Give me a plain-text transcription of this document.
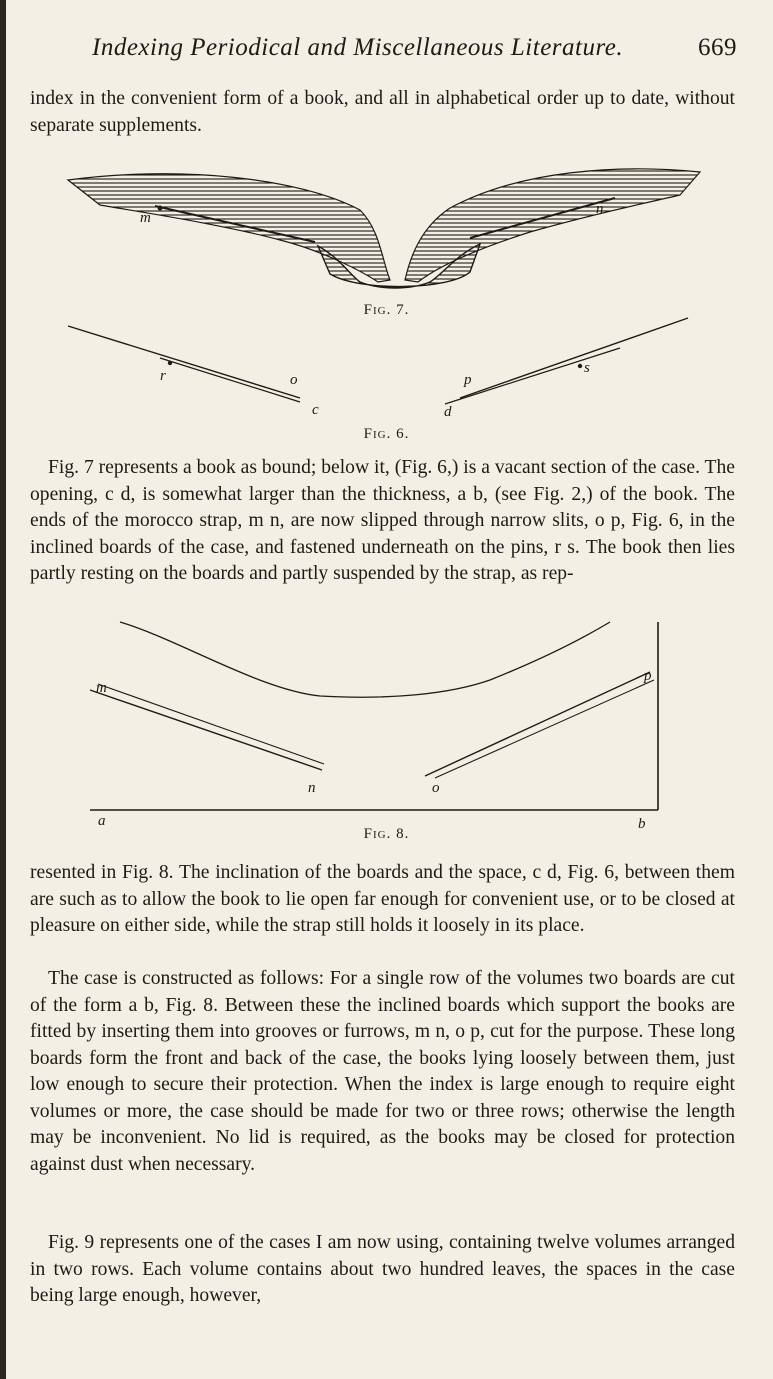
Indexing Periodical and Miscellaneous Literature.	669

index in the convenient form of a book, and all in alphabetical order up to date, without separate supplements.

m
n
Fig. 7.
r	o
c
p
d
s
Fig. 6.

Fig. 7 represents a book as bound; below it, (Fig. 6,) is a vacant section of the case. The opening, c d, is somewhat larger than the thickness, a b, (see Fig. 2,) of the book. The ends of the morocco strap, m n, are now slipped through narrow slits, o p, Fig. 6, in the inclined boards of the case, and fastened underneath on the pins, r s. The book then lies partly resting on the boards and partly suspended by the strap, as rep-

m
p
n	o
a	b
Fig. 8.

resented in Fig. 8. The inclination of the boards and the space, c d, Fig. 6, between them are such as to allow the book to lie open far enough for convenient use, or to be closed at pleasure on either side, while the strap still holds it loosely in its place.

The case is constructed as follows: For a single row of the volumes two boards are cut of the form a b, Fig. 8. Between these the inclined boards which support the books are fitted by inserting them into grooves or furrows, m n, o p, cut for the purpose. These long boards form the front and back of the case, the books lying loosely between them, just low enough to secure their protection. When the index is large enough to require eight volumes or more, the case should be made for two or three rows; otherwise the length may be inconvenient. No lid is required, as the books may be closed for protection against dust when necessary.

Fig. 9 represents one of the cases I am now using, containing twelve volumes arranged in two rows. Each volume contains about two hundred leaves, the spaces in the case being large enough, however,
